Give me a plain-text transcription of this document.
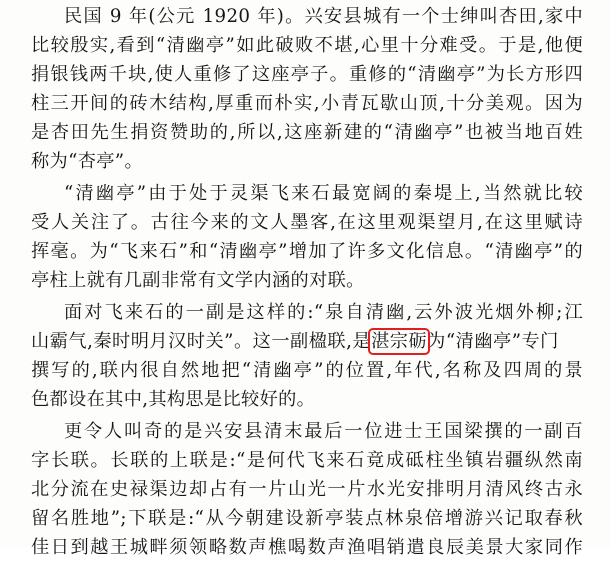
民国 9 年(公元 1920 年)。兴安县城有一个士绅叫杏田,家中
比较殷实,看到“清幽亭”如此破败不堪,心里十分难受。于是,他便
捐银钱两千块,使人重修了这座亭子。重修的“清幽亭”为长方形四
柱三开间的砖木结构,厚重而朴实,小青瓦歇山顶,十分美观。因为
是杏田先生捐资赞助的,所以,这座新建的“清幽亭”也被当地百姓
称为“杏亭”。
“清幽亭”由于处于灵渠飞来石最宽阔的秦堤上,当然就比较
受人关注了。古往今来的文人墨客,在这里观渠望月,在这里赋诗
挥毫。为“飞来石”和“清幽亭”增加了许多文化信息。“清幽亭”的
亭柱上就有几副非常有文学内涵的对联。
面对飞来石的一副是这样的:“泉自清幽,云外波光烟外柳;江
山霸气,秦时明月汉时关”。这一副楹联,是湛宗砺为“清幽亭”专门
撰写的,联内很自然地把“清幽亭”的位置,年代,名称及四周的景
色都设在其中,其构思是比较好的。
更令人叫奇的是兴安县清末最后一位进士王国梁撰的一副百
字长联。长联的上联是:“是何代飞来石竟成砥柱坐镇岩疆纵然南
北分流在史禄渠边却占有一片山光一片水光安排明月清风终古永
留名胜地”;下联是:“从今朝建设新亭装点林泉倍增游兴记取春秋
佳日到越王城畔须领略数声樵喝数声渔唱销遣良辰美景大家同作
